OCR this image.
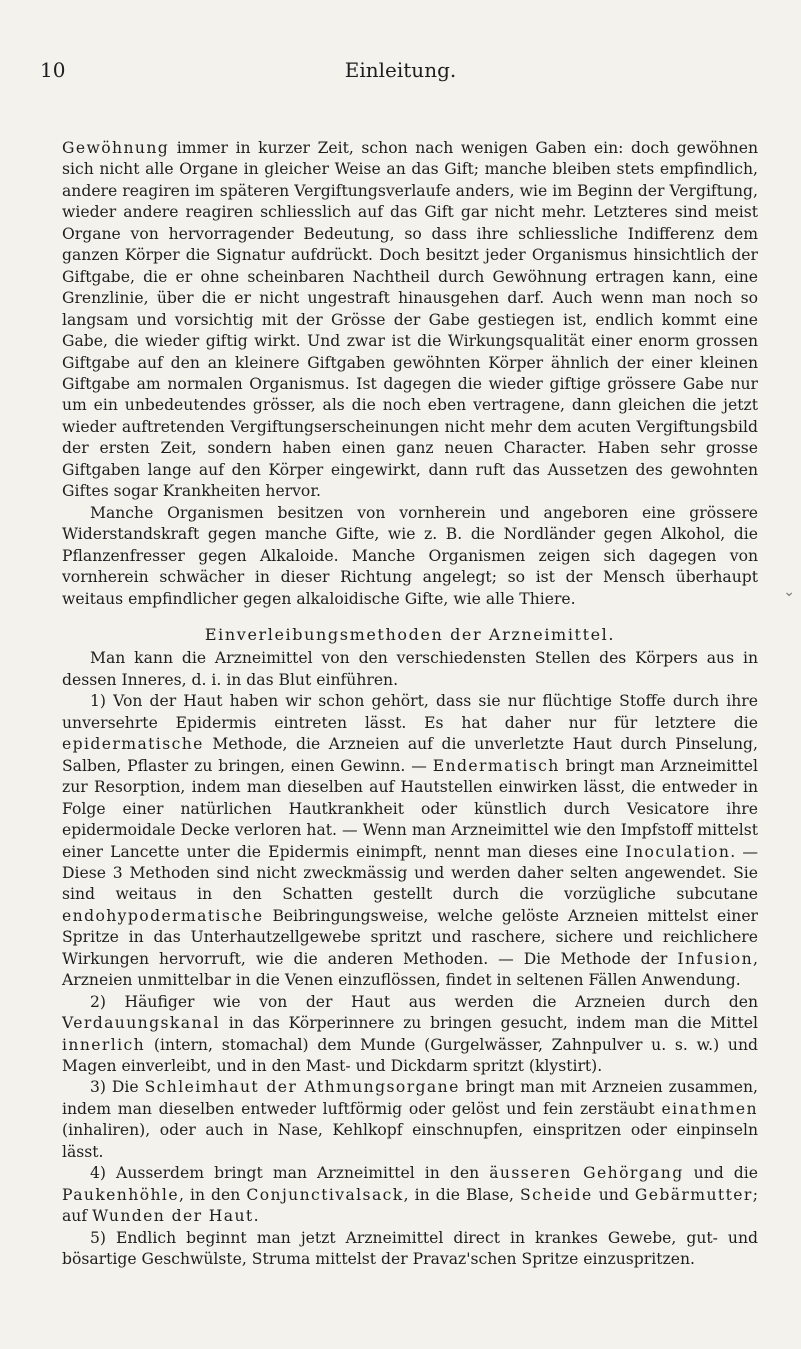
10	Einleitung.

Gewöhnung immer in kurzer Zeit, schon nach wenigen Gaben ein: doch gewöhnen sich nicht alle Organe in gleicher Weise an das Gift; manche bleiben stets empfindlich, andere reagiren im späteren Vergiftungsverlaufe anders, wie im Beginn der Vergiftung, wieder andere reagiren schliesslich auf das Gift gar nicht mehr. Letzteres sind meist Organe von hervorragender Bedeutung, so dass ihre schliessliche Indifferenz dem ganzen Körper die Signatur aufdrückt. Doch besitzt jeder Organismus hinsichtlich der Giftgabe, die er ohne scheinbaren Nachtheil durch Gewöhnung ertragen kann, eine Grenzlinie, über die er nicht ungestraft hinausgehen darf. Auch wenn man noch so langsam und vorsichtig mit der Grösse der Gabe gestiegen ist, endlich kommt eine Gabe, die wieder giftig wirkt. Und zwar ist die Wirkungsqualität einer enorm grossen Giftgabe auf den an kleinere Giftgaben gewöhnten Körper ähnlich der einer kleinen Giftgabe am normalen Organismus. Ist dagegen die wieder giftige grössere Gabe nur um ein unbedeutendes grösser, als die noch eben vertragene, dann gleichen die jetzt wieder auftretenden Vergiftungserscheinungen nicht mehr dem acuten Vergiftungsbild der ersten Zeit, sondern haben einen ganz neuen Character. Haben sehr grosse Giftgaben lange auf den Körper eingewirkt, dann ruft das Aussetzen des gewohnten Giftes sogar Krankheiten hervor.

Manche Organismen besitzen von vornherein und angeboren eine grössere Widerstandskraft gegen manche Gifte, wie z. B. die Nordländer gegen Alkohol, die Pflanzenfresser gegen Alkaloide. Manche Organismen zeigen sich dagegen von vornherein schwächer in dieser Richtung angelegt; so ist der Mensch überhaupt weitaus empfindlicher gegen alkaloidische Gifte, wie alle Thiere.

Einverleibungsmethoden der Arzneimittel.

Man kann die Arzneimittel von den verschiedensten Stellen des Körpers aus in dessen Inneres, d. i. in das Blut einführen.

1) Von der Haut haben wir schon gehört, dass sie nur flüchtige Stoffe durch ihre unversehrte Epidermis eintreten lässt. Es hat daher nur für letztere die epidermatische Methode, die Arzneien auf die unverletzte Haut durch Pinselung, Salben, Pflaster zu bringen, einen Gewinn. — Endermatisch bringt man Arzneimittel zur Resorption, indem man dieselben auf Hautstellen einwirken lässt, die entweder in Folge einer natürlichen Hautkrankheit oder künstlich durch Vesicatore ihre epidermoidale Decke verloren hat. — Wenn man Arzneimittel wie den Impfstoff mittelst einer Lancette unter die Epidermis einimpft, nennt man dieses eine Inoculation. — Diese 3 Methoden sind nicht zweckmässig und werden daher selten angewendet. Sie sind weitaus in den Schatten gestellt durch die vorzügliche subcutane endohypodermatische Beibringungsweise, welche gelöste Arzneien mittelst einer Spritze in das Unterhautzellgewebe spritzt und raschere, sichere und reichlichere Wirkungen hervorruft, wie die anderen Methoden. — Die Methode der Infusion, Arzneien unmittelbar in die Venen einzuflössen, findet in seltenen Fällen Anwendung.

2) Häufiger wie von der Haut aus werden die Arzneien durch den Verdauungskanal in das Körperinnere zu bringen gesucht, indem man die Mittel innerlich (intern, stomachal) dem Munde (Gurgelwässer, Zahnpulver u. s. w.) und Magen einverleibt, und in den Mast- und Dickdarm spritzt (klystirt).

3) Die Schleimhaut der Athmungsorgane bringt man mit Arzneien zusammen, indem man dieselben entweder luftförmig oder gelöst und fein zerstäubt einathmen (inhaliren), oder auch in Nase, Kehlkopf einschnupfen, einspritzen oder einpinseln lässt.

4) Ausserdem bringt man Arzneimittel in den äusseren Gehörgang und die Paukenhöhle, in den Conjunctivalsack, in die Blase, Scheide und Gebärmutter; auf Wunden der Haut.

5) Endlich beginnt man jetzt Arzneimittel direct in krankes Gewebe, gut- und bösartige Geschwülste, Struma mittelst der Pravaz'schen Spritze einzuspritzen.

⌄
